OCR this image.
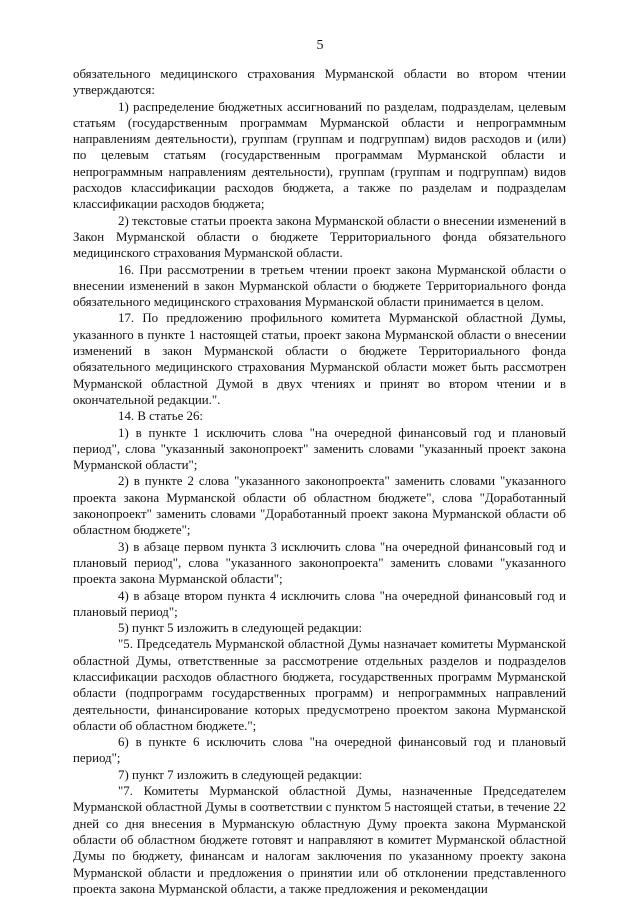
5

обязательного медицинского страхования Мурманской области во втором чтении утверждаются:

1) распределение бюджетных ассигнований по разделам, подразделам, целевым статьям (государственным программам Мурманской области и непрограммным направлениям деятельности), группам (группам и подгруппам) видов расходов и (или) по целевым статьям (государственным программам Мурманской области и непрограммным направлениям деятельности), группам (группам и подгруппам) видов расходов классификации расходов бюджета, а также по разделам и подразделам классификации расходов бюджета;

2) текстовые статьи проекта закона Мурманской области о внесении изменений в Закон Мурманской области о бюджете Территориального фонда обязательного медицинского страхования Мурманской области.

16. При рассмотрении в третьем чтении проект закона Мурманской области о внесении изменений в закон Мурманской области о бюджете Территориального фонда обязательного медицинского страхования Мурманской области принимается в целом.

17. По предложению профильного комитета Мурманской областной Думы, указанного в пункте 1 настоящей статьи, проект закона Мурманской области о внесении изменений в закон Мурманской области о бюджете Территориального фонда обязательного медицинского страхования Мурманской области может быть рассмотрен Мурманской областной Думой в двух чтениях и принят во втором чтении и в окончательной редакции.".

14. В статье 26:

1) в пункте 1 исключить слова "на очередной финансовый год и плановый период", слова "указанный законопроект" заменить словами "указанный проект закона Мурманской области";

2) в пункте 2 слова "указанного законопроекта" заменить словами "указанного проекта закона Мурманской области об областном бюджете", слова "Доработанный законопроект" заменить словами "Доработанный проект закона Мурманской области об областном бюджете";

3) в абзаце первом пункта 3 исключить слова "на очередной финансовый год и плановый период", слова "указанного законопроекта" заменить словами "указанного проекта закона Мурманской области";

4) в абзаце втором пункта 4 исключить слова "на очередной финансовый год и плановый период";

5) пункт 5 изложить в следующей редакции:

"5. Председатель Мурманской областной Думы назначает комитеты Мурманской областной Думы, ответственные за рассмотрение отдельных разделов и подразделов классификации расходов областного бюджета, государственных программ Мурманской области (подпрограмм государственных программ) и непрограммных направлений деятельности, финансирование которых предусмотрено проектом закона Мурманской области об областном бюджете.";

6) в пункте 6 исключить слова "на очередной финансовый год и плановый период";

7) пункт 7 изложить в следующей редакции:

"7. Комитеты Мурманской областной Думы, назначенные Председателем Мурманской областной Думы в соответствии с пунктом 5 настоящей статьи, в течение 22 дней со дня внесения в Мурманскую областную Думу проекта закона Мурманской области об областном бюджете готовят и направляют в комитет Мурманской областной Думы по бюджету, финансам и налогам заключения по указанному проекту закона Мурманской области и предложения о принятии или об отклонении представленного проекта закона Мурманской области, а также предложения и рекомендации
